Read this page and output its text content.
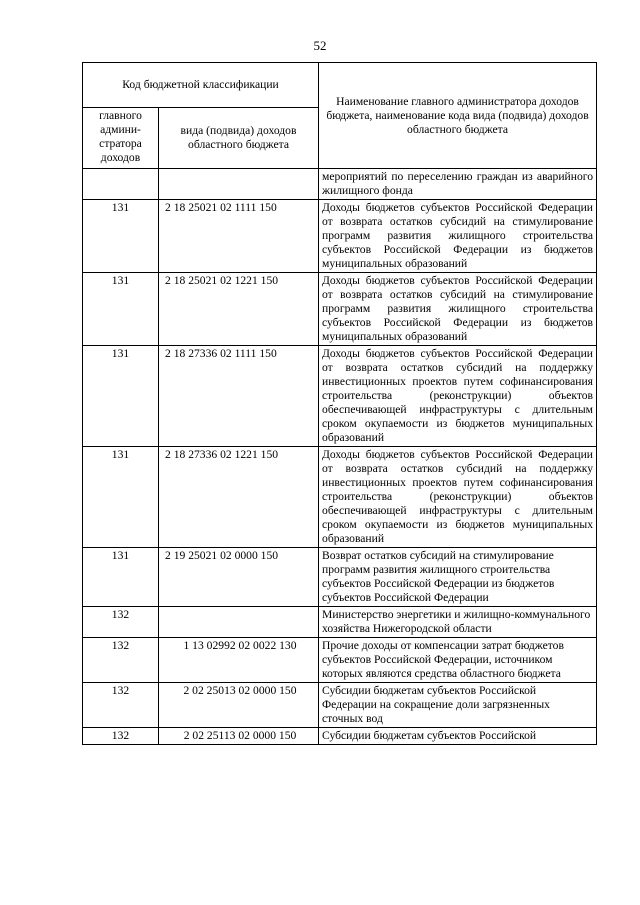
52
Код бюджетной классификации		Наименование главного администратора доходов бюджета, наименование кода вида (подвида) доходов областного бюджета
главного админи-стратора доходов	вида (подвида) доходов областного бюджета	
		мероприятий по переселению граждан из аварийного жилищного фонда
131	2 18 25021 02 1111 150	Доходы бюджетов субъектов Российской Федерации от возврата остатков субсидий на стимулирование программ развития жилищного строительства субъектов Российской Федерации из бюджетов муниципальных образований
131	2 18 25021 02 1221 150	Доходы бюджетов субъектов Российской Федерации от возврата остатков субсидий на стимулирование программ развития жилищного строительства субъектов Российской Федерации из бюджетов муниципальных образований
131	2 18 27336 02 1111 150	Доходы бюджетов субъектов Российской Федерации от возврата остатков субсидий на поддержку инвестиционных проектов путем софинансирования строительства (реконструкции) объектов обеспечивающей инфраструктуры с длительным сроком окупаемости из бюджетов муниципальных образований
131	2 18 27336 02 1221 150	Доходы бюджетов субъектов Российской Федерации от возврата остатков субсидий на поддержку инвестиционных проектов путем софинансирования строительства (реконструкции) объектов обеспечивающей инфраструктуры с длительным сроком окупаемости из бюджетов муниципальных образований
131	2 19 25021 02 0000 150	Возврат остатков субсидий на стимулирование программ развития жилищного строительства субъектов Российской Федерации из бюджетов субъектов Российской Федерации
132		Министерство энергетики и жилищно-коммунального хозяйства Нижегородской области
132	1 13 02992 02 0022 130	Прочие доходы от компенсации затрат бюджетов субъектов Российской Федерации, источником которых являются средства областного бюджета
132	2 02 25013 02 0000 150	Субсидии бюджетам субъектов Российской Федерации на сокращение доли загрязненных сточных вод
132	2 02 25113 02 0000 150	Субсидии бюджетам субъектов Российской
